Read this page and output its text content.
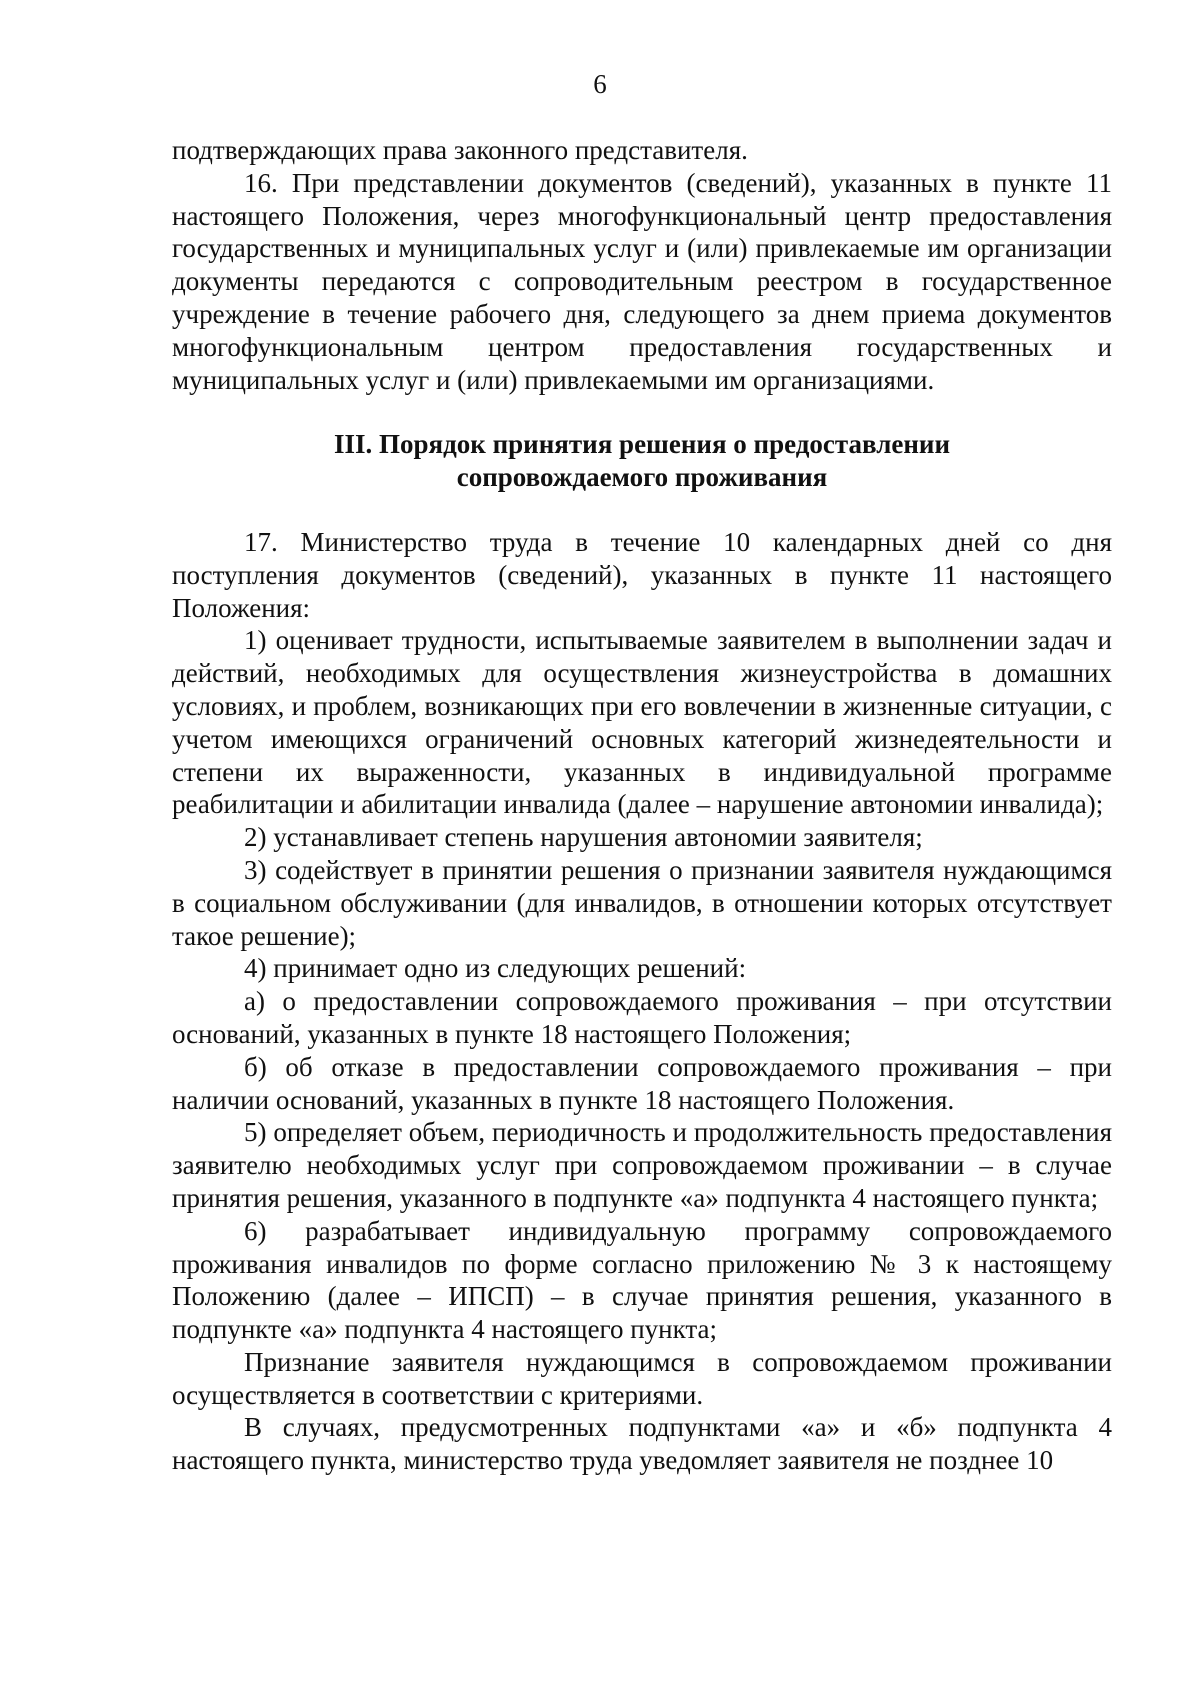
6

подтверждающих права законного представителя.

16. При представлении документов (сведений), указанных в пункте 11 настоящего Положения, через многофункциональный центр предоставления государственных и муниципальных услуг и (или) привлекаемые им организации документы передаются с сопроводительным реестром в государственное учреждение в течение рабочего дня, следующего за днем приема документов многофункциональным центром предоставления государственных и муниципальных услуг и (или) привлекаемыми им организациями.

III. Порядок принятия решения о предоставлении
сопровождаемого проживания

17. Министерство труда в течение 10 календарных дней со дня поступления документов (сведений), указанных в пункте 11 настоящего Положения:

1) оценивает трудности, испытываемые заявителем в выполнении задач и действий, необходимых для осуществления жизнеустройства в домашних условиях, и проблем, возникающих при его вовлечении в жизненные ситуации, с учетом имеющихся ограничений основных категорий жизнедеятельности и степени их выраженности, указанных в индивидуальной программе реабилитации и абилитации инвалида (далее – нарушение автономии инвалида);

2) устанавливает степень нарушения автономии заявителя;

3) содействует в принятии решения о признании заявителя нуждающимся в социальном обслуживании (для инвалидов, в отношении которых отсутствует такое решение);

4) принимает одно из следующих решений:

а) о предоставлении сопровождаемого проживания – при отсутствии оснований, указанных в пункте 18 настоящего Положения;

б) об отказе в предоставлении сопровождаемого проживания – при наличии оснований, указанных в пункте 18 настоящего Положения.

5) определяет объем, периодичность и продолжительность предоставления заявителю необходимых услуг при сопровождаемом проживании – в случае принятия решения, указанного в подпункте «а» подпункта 4 настоящего пункта;

6) разрабатывает индивидуальную программу сопровождаемого проживания инвалидов по форме согласно приложению № 3 к настоящему Положению (далее – ИПСП) – в случае принятия решения, указанного в подпункте «а» подпункта 4 настоящего пункта;

Признание заявителя нуждающимся в сопровождаемом проживании осуществляется в соответствии с критериями.

В случаях, предусмотренных подпунктами «а» и «б» подпункта 4 настоящего пункта, министерство труда уведомляет заявителя не позднее 10
